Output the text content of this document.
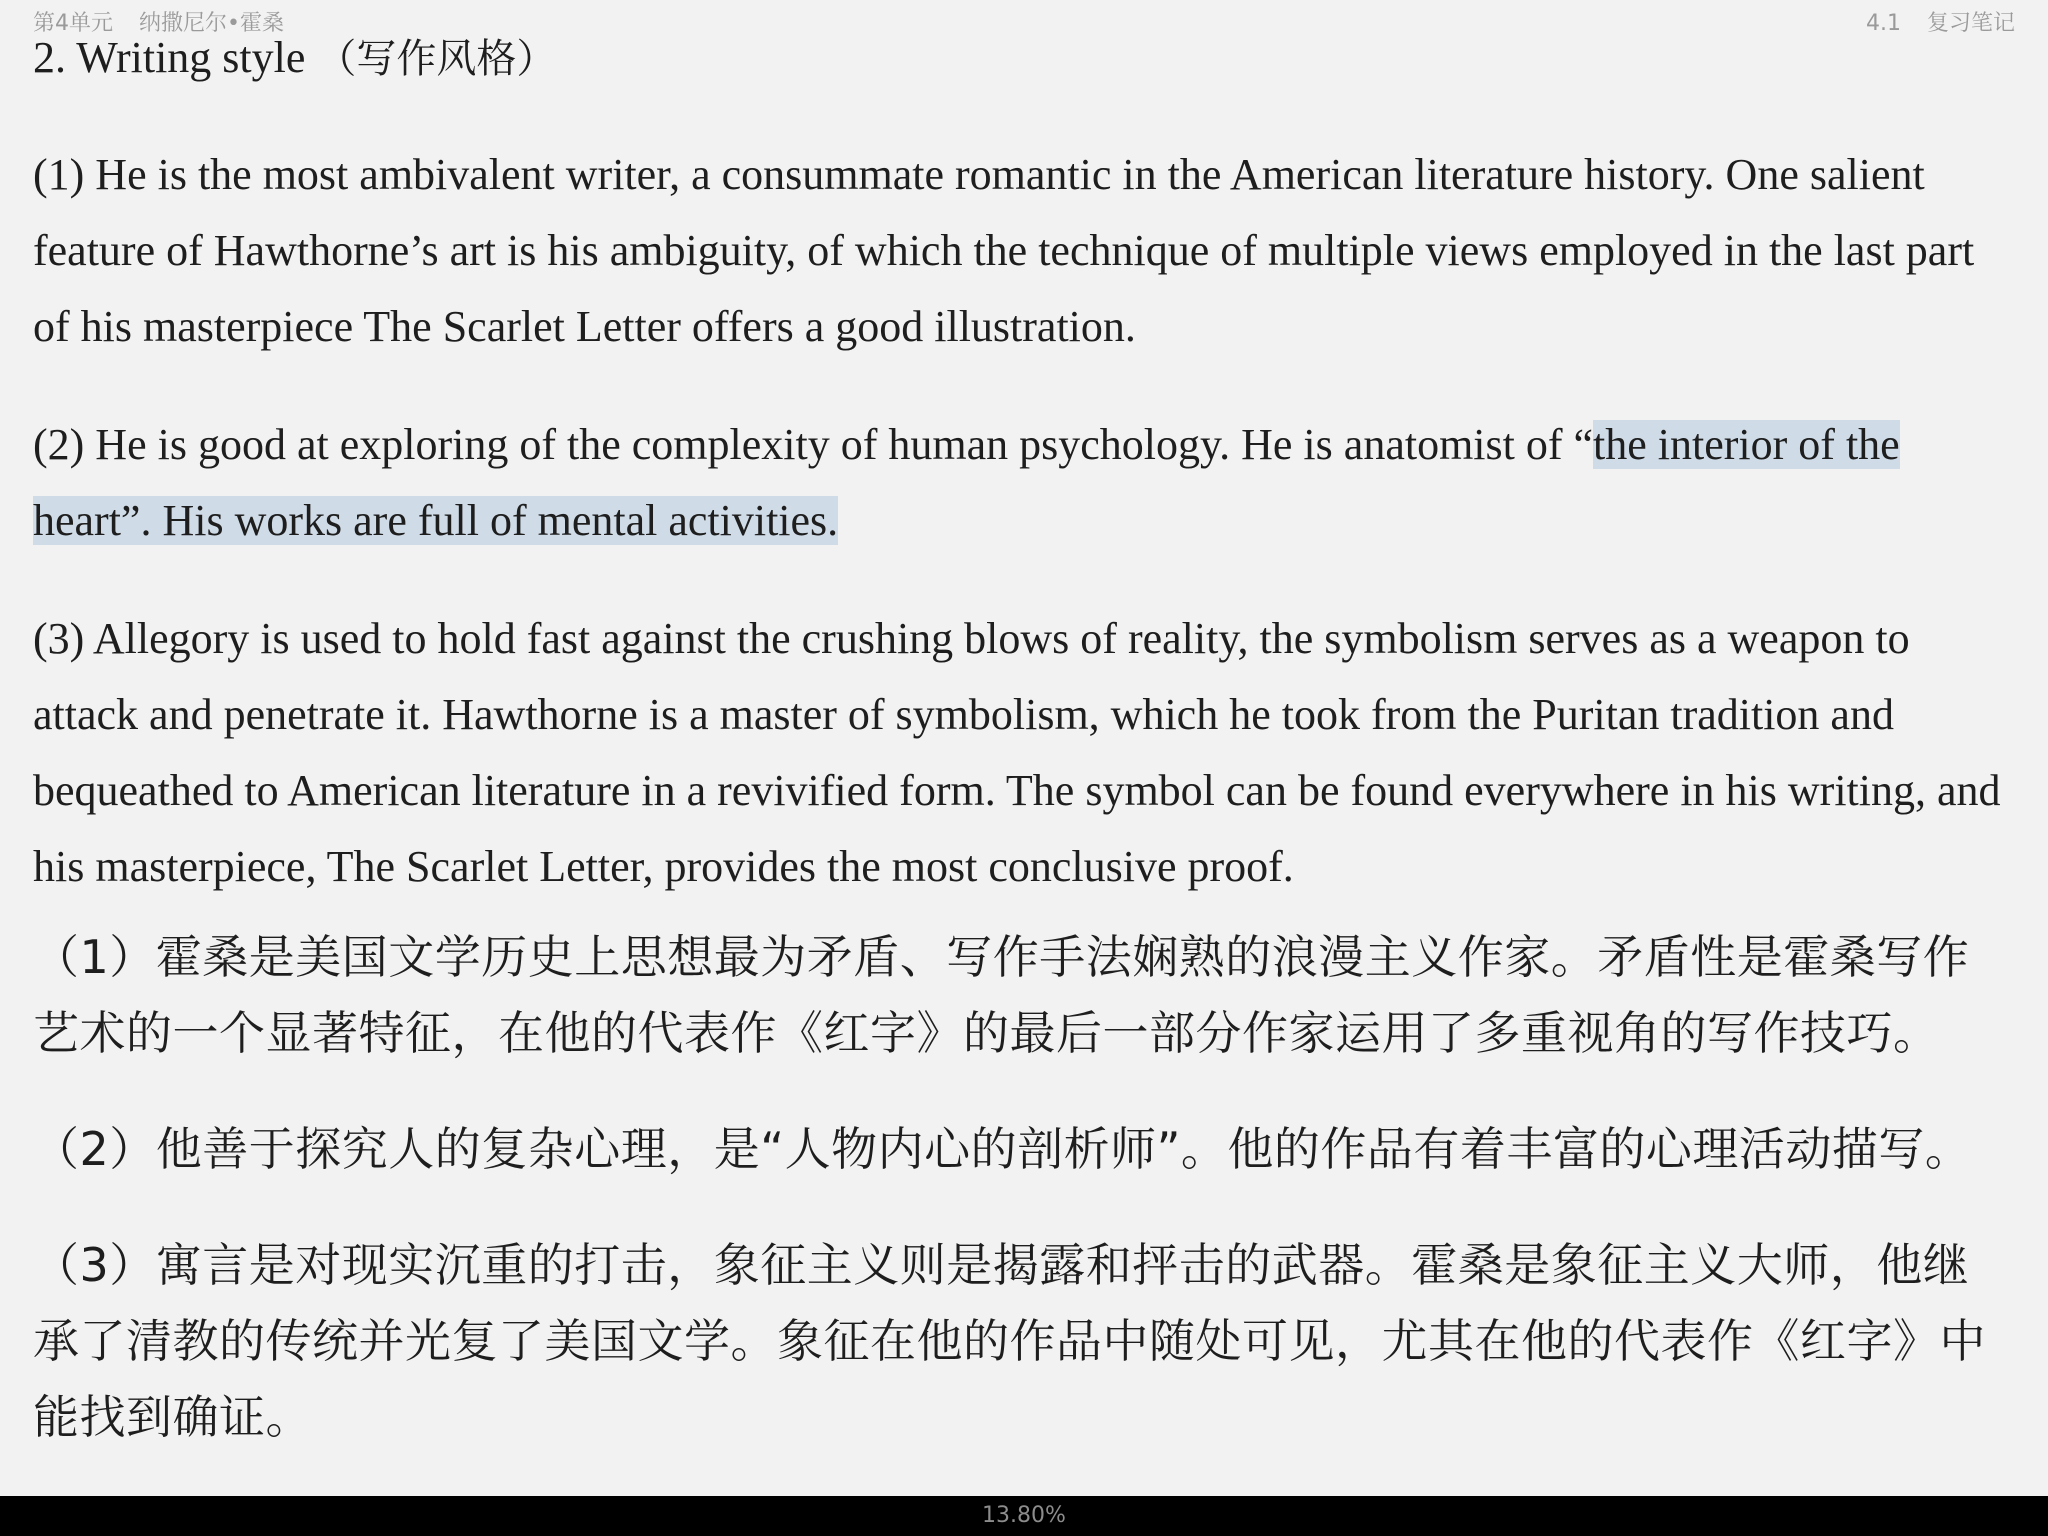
第4单元 纳撒尼尔•霍桑	4.1 复习笔记
2. Writing style （写作风格）

(1) He is the most ambivalent writer, a consummate romantic in the American literature history. One salient feature of Hawthorne’s art is his ambiguity, of which the technique of multiple views employed in the last part of his masterpiece The Scarlet Letter offers a good illustration.

(2) He is good at exploring of the complexity of human psychology. He is anatomist of “the interior of the heart”. His works are full of mental activities.

(3) Allegory is used to hold fast against the crushing blows of reality, the symbolism serves as a weapon to attack and penetrate it. Hawthorne is a master of symbolism, which he took from the Puritan tradition and bequeathed to American literature in a revivified form. The symbol can be found everywhere in his writing, and his masterpiece, The Scarlet Letter, provides the most conclusive proof.

（1）霍桑是美国文学历史上思想最为矛盾、写作手法娴熟的浪漫主义作家。矛盾性是霍桑写作艺术的一个显著特征，在他的代表作《红字》的最后一部分作家运用了多重视角的写作技巧。

（2）他善于探究人的复杂心理，是“人物内心的剖析师”。他的作品有着丰富的心理活动描写。

（3）寓言是对现实沉重的打击，象征主义则是揭露和抨击的武器。霍桑是象征主义大师，他继承了清教的传统并光复了美国文学。象征在他的作品中随处可见，尤其在他的代表作《红字》中能找到确证。

13.80%
